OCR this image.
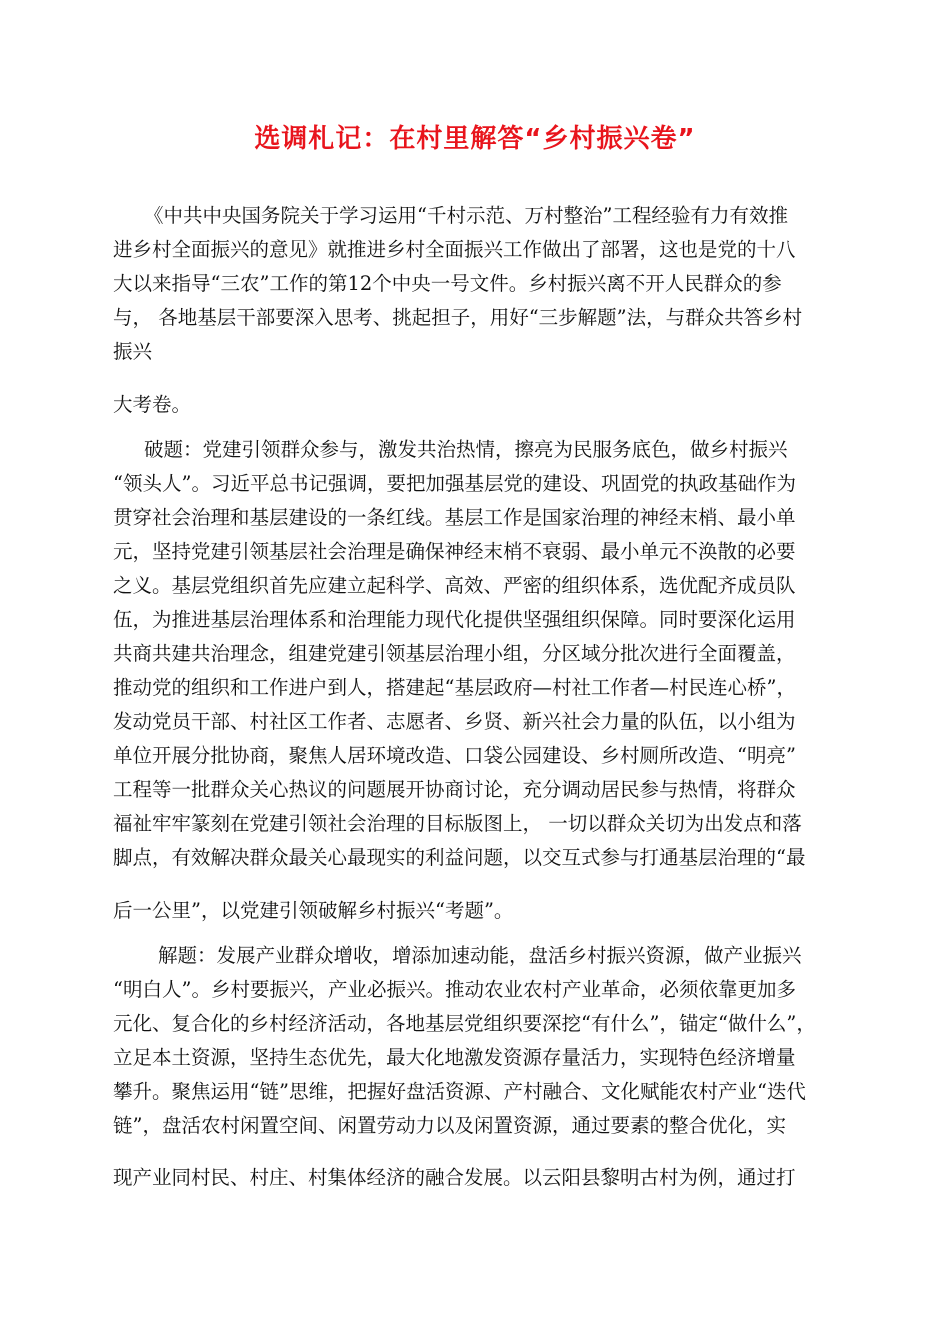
选调札记：在村里解答“乡村振兴卷”
《中共中央国务院关于学习运用“千村示范、万村整治”工程经验有力有效推
进乡村全面振兴的意见》就推进乡村全面振兴工作做出了部署，这也是党的十八
大以来指导“三农”工作的第12个中央一号文件。乡村振兴离不开人民群众的参
与， 各地基层干部要深入思考、挑起担子，用好“三步解题”法，与群众共答乡村
振兴
大考卷。
破题：党建引领群众参与，激发共治热情，擦亮为民服务底色，做乡村振兴
“领头人”。习近平总书记强调，要把加强基层党的建设、巩固党的执政基础作为
贯穿社会治理和基层建设的一条红线。基层工作是国家治理的神经末梢、最小单
元，坚持党建引领基层社会治理是确保神经末梢不衰弱、最小单元不涣散的必要
之义。基层党组织首先应建立起科学、高效、严密的组织体系，选优配齐成员队
伍，为推进基层治理体系和治理能力现代化提供坚强组织保障。同时要深化运用
共商共建共治理念，组建党建引领基层治理小组，分区域分批次进行全面覆盖，
推动党的组织和工作进户到人，搭建起“基层政府—村社工作者—村民连心桥”，
发动党员干部、村社区工作者、志愿者、乡贤、新兴社会力量的队伍，以小组为
单位开展分批协商，聚焦人居环境改造、口袋公园建设、乡村厕所改造、“明亮”
工程等一批群众关心热议的问题展开协商讨论，充分调动居民参与热情，将群众
福祉牢牢篆刻在党建引领社会治理的目标版图上， 一切以群众关切为出发点和落
脚点，有效解决群众最关心最现实的利益问题，以交互式参与打通基层治理的“最
后一公里”，以党建引领破解乡村振兴“考题”。
解题：发展产业群众增收，增添加速动能，盘活乡村振兴资源，做产业振兴
“明白人”。乡村要振兴，产业必振兴。推动农业农村产业革命，必须依靠更加多
元化、复合化的乡村经济活动，各地基层党组织要深挖“有什么”，锚定“做什么”，
立足本土资源，坚持生态优先，最大化地激发资源存量活力，实现特色经济增量
攀升。聚焦运用“链”思维，把握好盘活资源、产村融合、文化赋能农村产业“迭代
链”，盘活农村闲置空间、闲置劳动力以及闲置资源，通过要素的整合优化，实
现产业同村民、村庄、村集体经济的融合发展。以云阳县黎明古村为例，通过打
